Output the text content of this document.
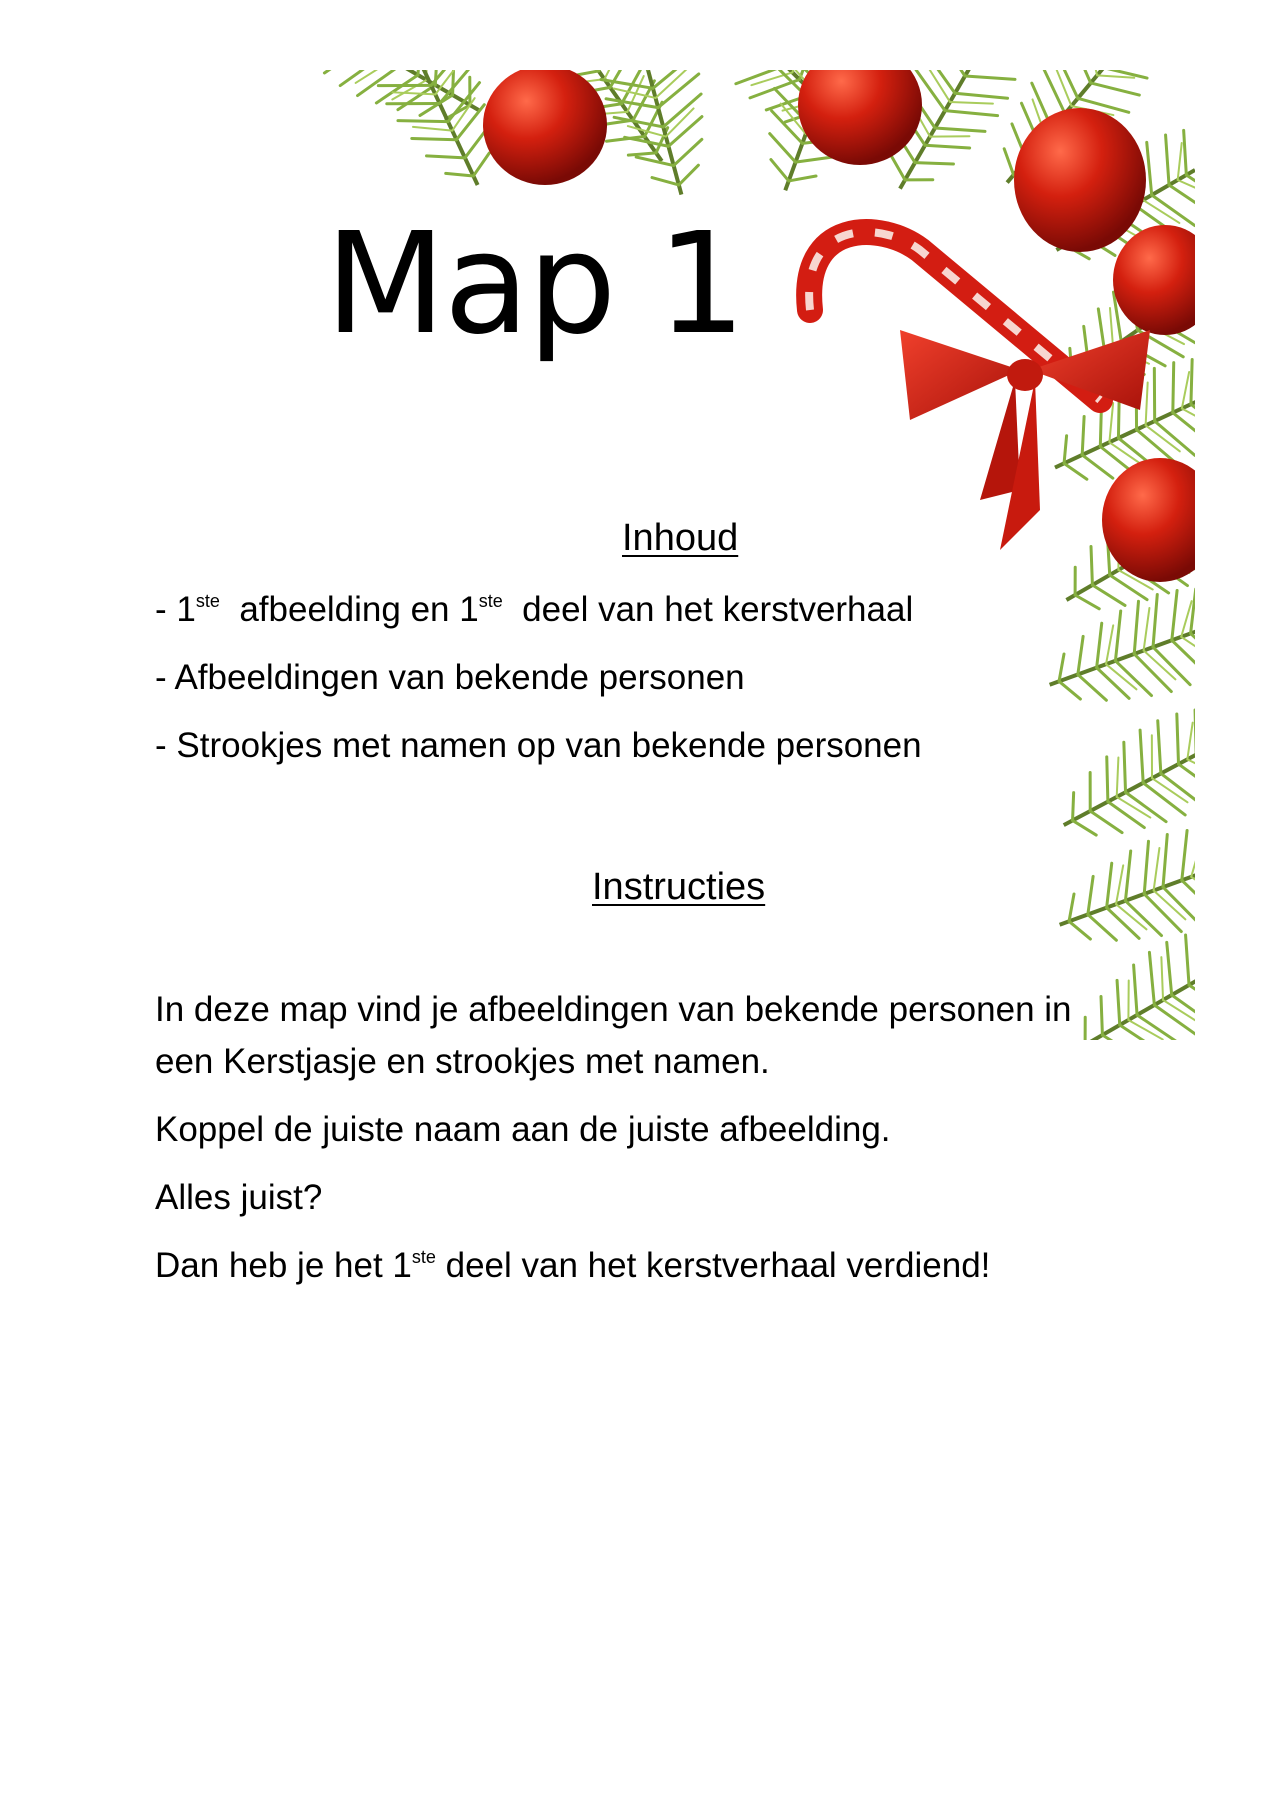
Map 1
Inhoud
- 1ste  afbeelding en 1ste  deel van het kerstverhaal
- Afbeeldingen van bekende personen
- Strookjes met namen op van bekende personen
Instructies
In deze map vind je afbeeldingen van bekende personen in
een Kerstjasje en strookjes met namen.
Koppel de juiste naam aan de juiste afbeelding.
Alles juist?
Dan heb je het 1ste deel van het kerstverhaal verdiend!
